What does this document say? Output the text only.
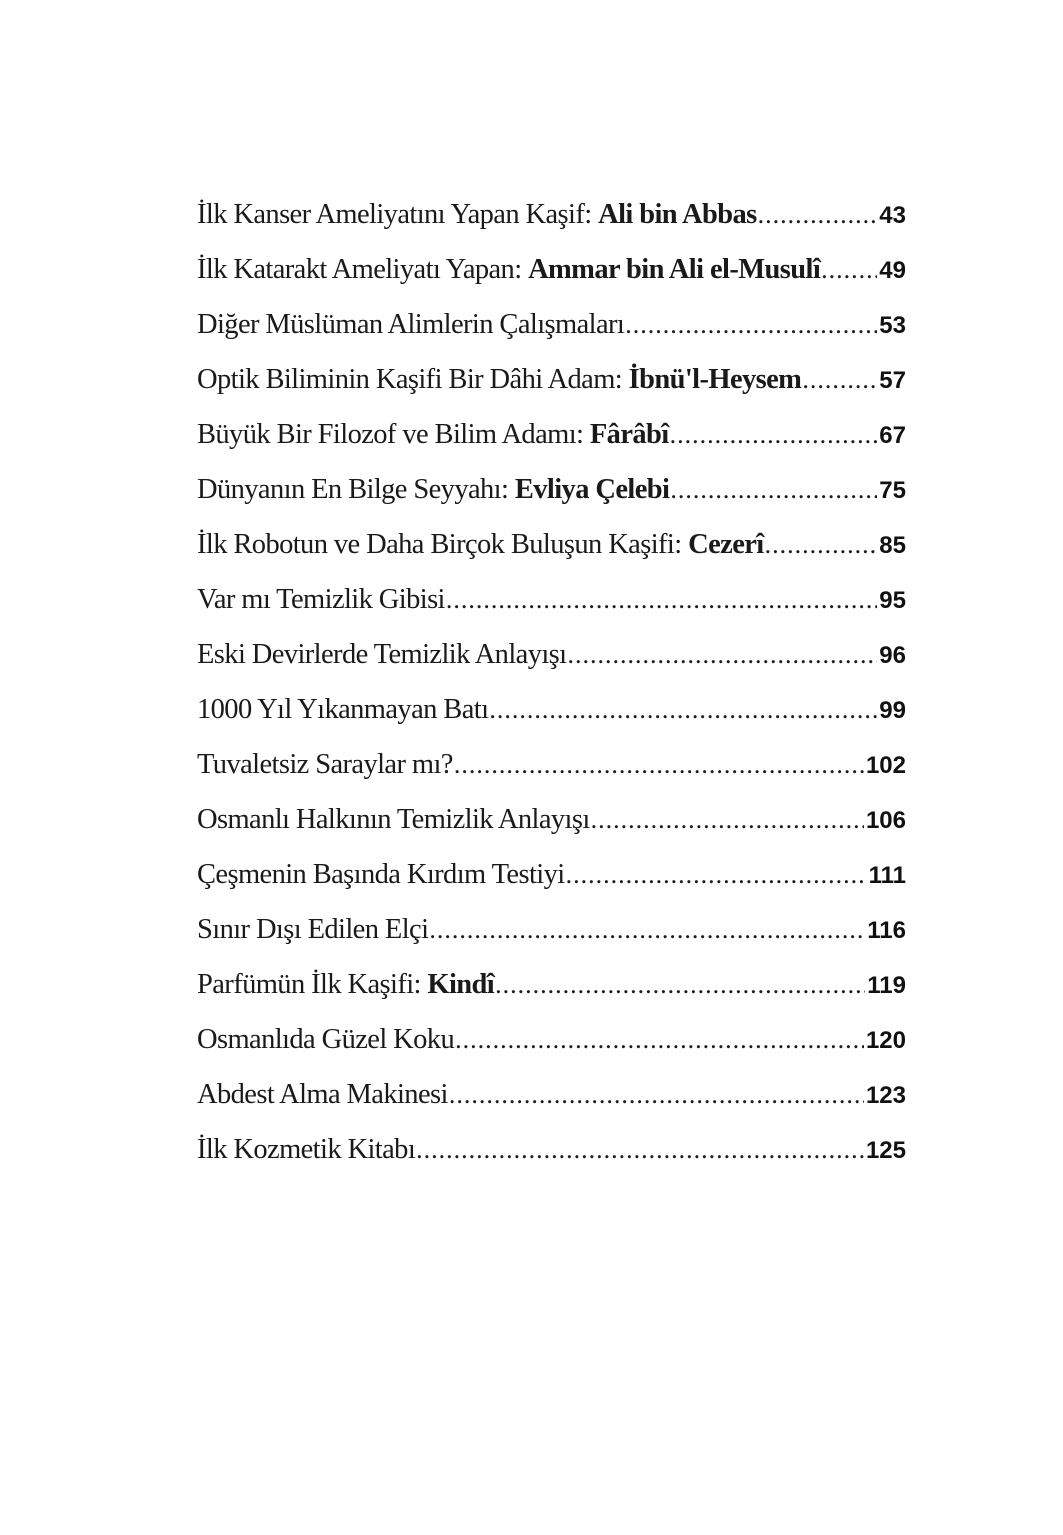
İlk Kanser Ameliyatını Yapan Kaşif: Ali bin Abbas .....	43
İlk Katarakt Ameliyatı Yapan: Ammar bin Ali el-Musulî ..... 49
Diğer Müslüman Alimlerin Çalışmaları .....	53
Optik Biliminin Kaşifi Bir Dâhi Adam: İbnü'l-Heysem .....	57
Büyük Bir Filozof ve Bilim Adamı: Fârâbî .....	67
Dünyanın En Bilge Seyyahı: Evliya Çelebi .....	75
İlk Robotun ve Daha Birçok Buluşun Kaşifi: Cezerî .....	85
Var mı Temizlik Gibisi .....	95
Eski Devirlerde Temizlik Anlayışı .....	96
1000 Yıl Yıkanmayan Batı .....	99
Tuvaletsiz Saraylar mı? .....	102
Osmanlı Halkının Temizlik Anlayışı .....	106
Çeşmenin Başında Kırdım Testiyi .....	111
Sınır Dışı Edilen Elçi .....	116
Parfümün İlk Kaşifi: Kindî .....	119
Osmanlıda Güzel Koku .....	120
Abdest Alma Makinesi .....	123
İlk Kozmetik Kitabı .....	125
